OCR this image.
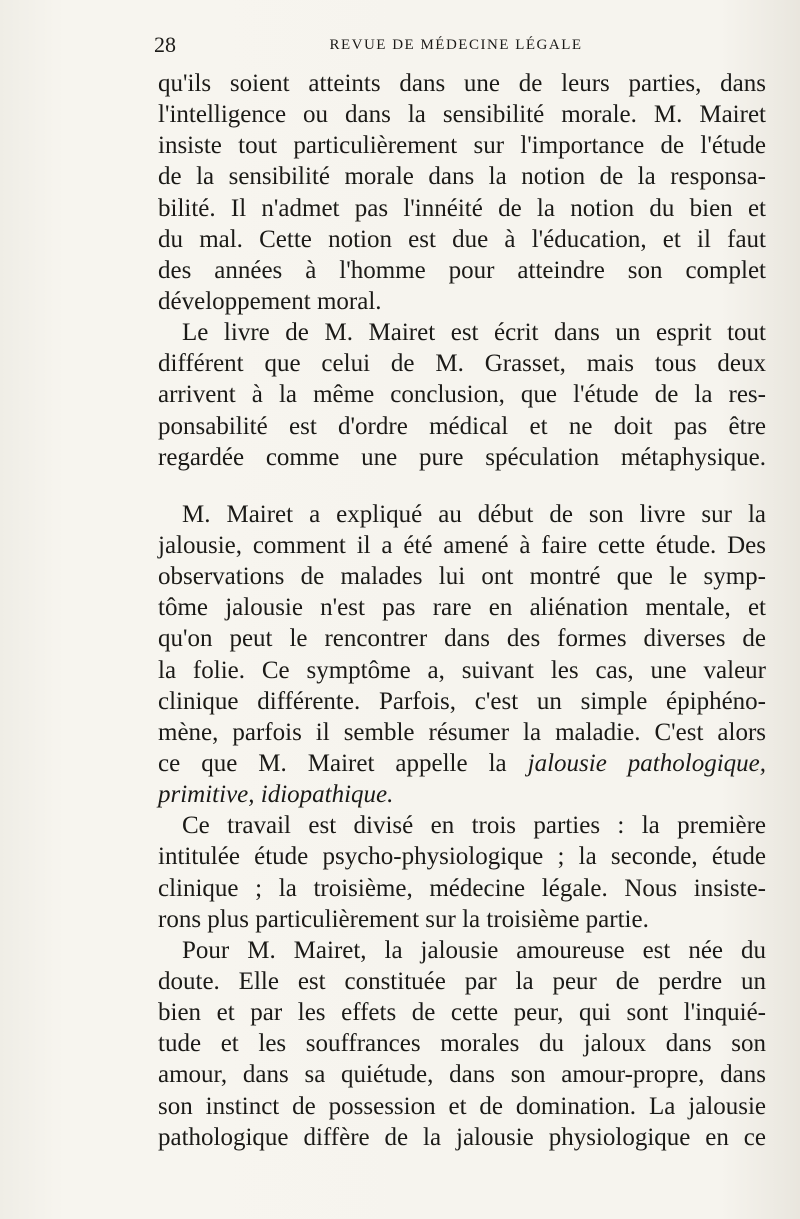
28	REVUE DE MÉDECINE LÉGALE
qu'ils soient atteints dans une de leurs parties, dans
l'intelligence ou dans la sensibilité morale. M. Mairet
insiste tout particulièrement sur l'importance de l'étude
de la sensibilité morale dans la notion de la responsa-
bilité. Il n'admet pas l'innéité de la notion du bien et
du mal. Cette notion est due à l'éducation, et il faut
des années à l'homme pour atteindre son complet
développement moral.
Le livre de M. Mairet est écrit dans un esprit tout
différent que celui de M. Grasset, mais tous deux
arrivent à la même conclusion, que l'étude de la res-
ponsabilité est d'ordre médical et ne doit pas être
regardée comme une pure spéculation métaphysique.
M. Mairet a expliqué au début de son livre sur la
jalousie, comment il a été amené à faire cette étude. Des
observations de malades lui ont montré que le symp-
tôme jalousie n'est pas rare en aliénation mentale, et
qu'on peut le rencontrer dans des formes diverses de
la folie. Ce symptôme a, suivant les cas, une valeur
clinique différente. Parfois, c'est un simple épiphéno-
mène, parfois il semble résumer la maladie. C'est alors
ce que M. Mairet appelle la jalousie pathologique,
primitive, idiopathique.
Ce travail est divisé en trois parties : la première
intitulée étude psycho-physiologique ; la seconde, étude
clinique ; la troisième, médecine légale. Nous insiste-
rons plus particulièrement sur la troisième partie.
Pour M. Mairet, la jalousie amoureuse est née du
doute. Elle est constituée par la peur de perdre un
bien et par les effets de cette peur, qui sont l'inquié-
tude et les souffrances morales du jaloux dans son
amour, dans sa quiétude, dans son amour-propre, dans
son instinct de possession et de domination. La jalousie
pathologique diffère de la jalousie physiologique en ce
